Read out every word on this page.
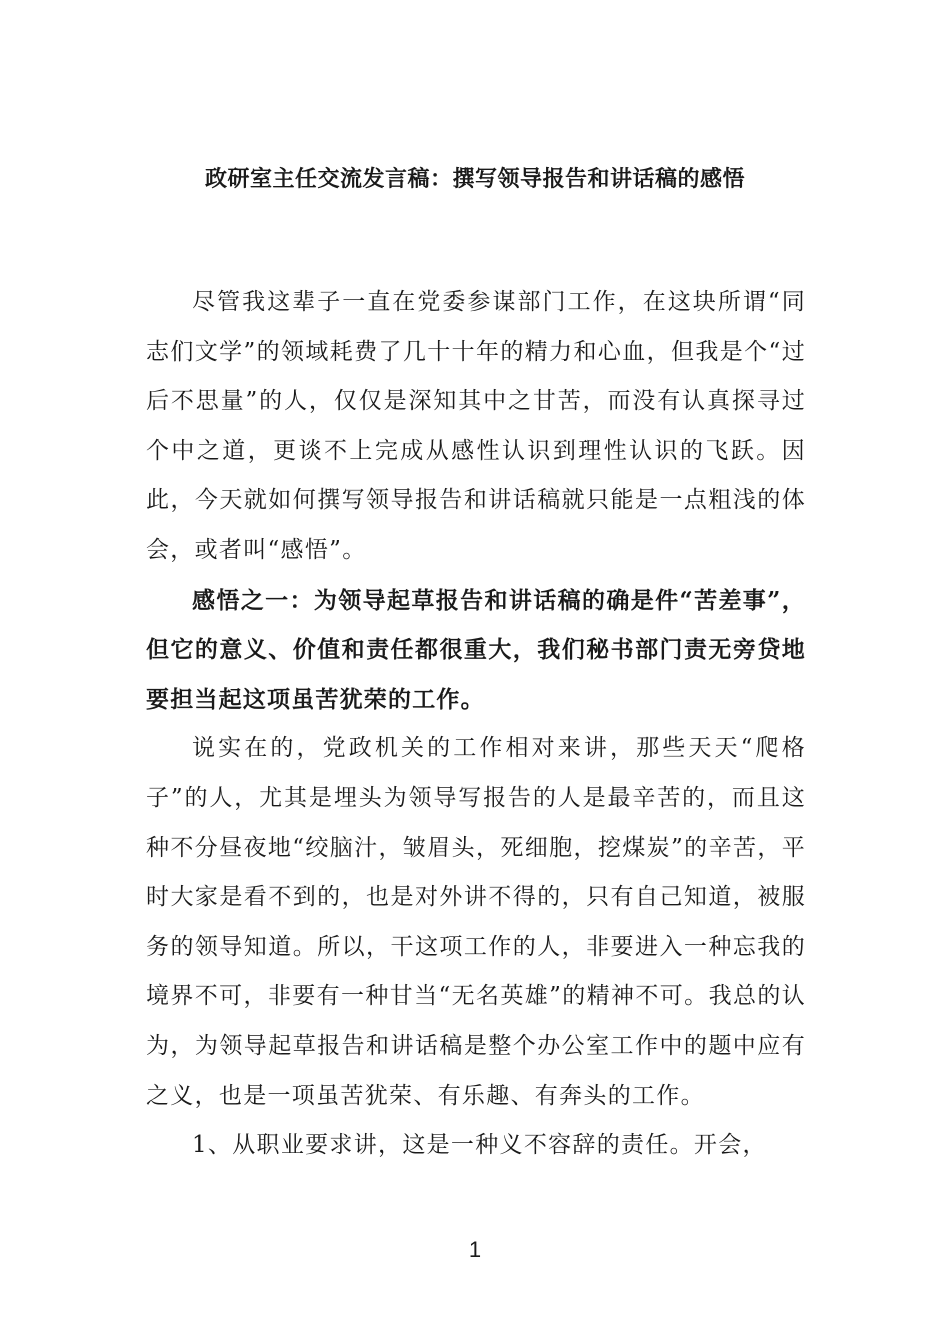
政研室主任交流发言稿：撰写领导报告和讲话稿的感悟

尽管我这辈子一直在党委参谋部门工作，在这块所谓“同志们文学”的领域耗费了几十十年的精力和心血，但我是个“过后不思量”的人，仅仅是深知其中之甘苦，而没有认真探寻过个中之道，更谈不上完成从感性认识到理性认识的飞跃。因此，今天就如何撰写领导报告和讲话稿就只能是一点粗浅的体会，或者叫“感悟”。

感悟之一：为领导起草报告和讲话稿的确是件“苦差事”，但它的意义、价值和责任都很重大，我们秘书部门责无旁贷地要担当起这项虽苦犹荣的工作。

说实在的，党政机关的工作相对来讲，那些天天“爬格子”的人，尤其是埋头为领导写报告的人是最辛苦的，而且这种不分昼夜地“绞脑汁，皱眉头，死细胞，挖煤炭”的辛苦，平时大家是看不到的，也是对外讲不得的，只有自己知道，被服务的领导知道。所以，干这项工作的人，非要进入一种忘我的境界不可，非要有一种甘当“无名英雄”的精神不可。我总的认为，为领导起草报告和讲话稿是整个办公室工作中的题中应有之义，也是一项虽苦犹荣、有乐趣、有奔头的工作。

1、从职业要求讲，这是一种义不容辞的责任。开会，

1
